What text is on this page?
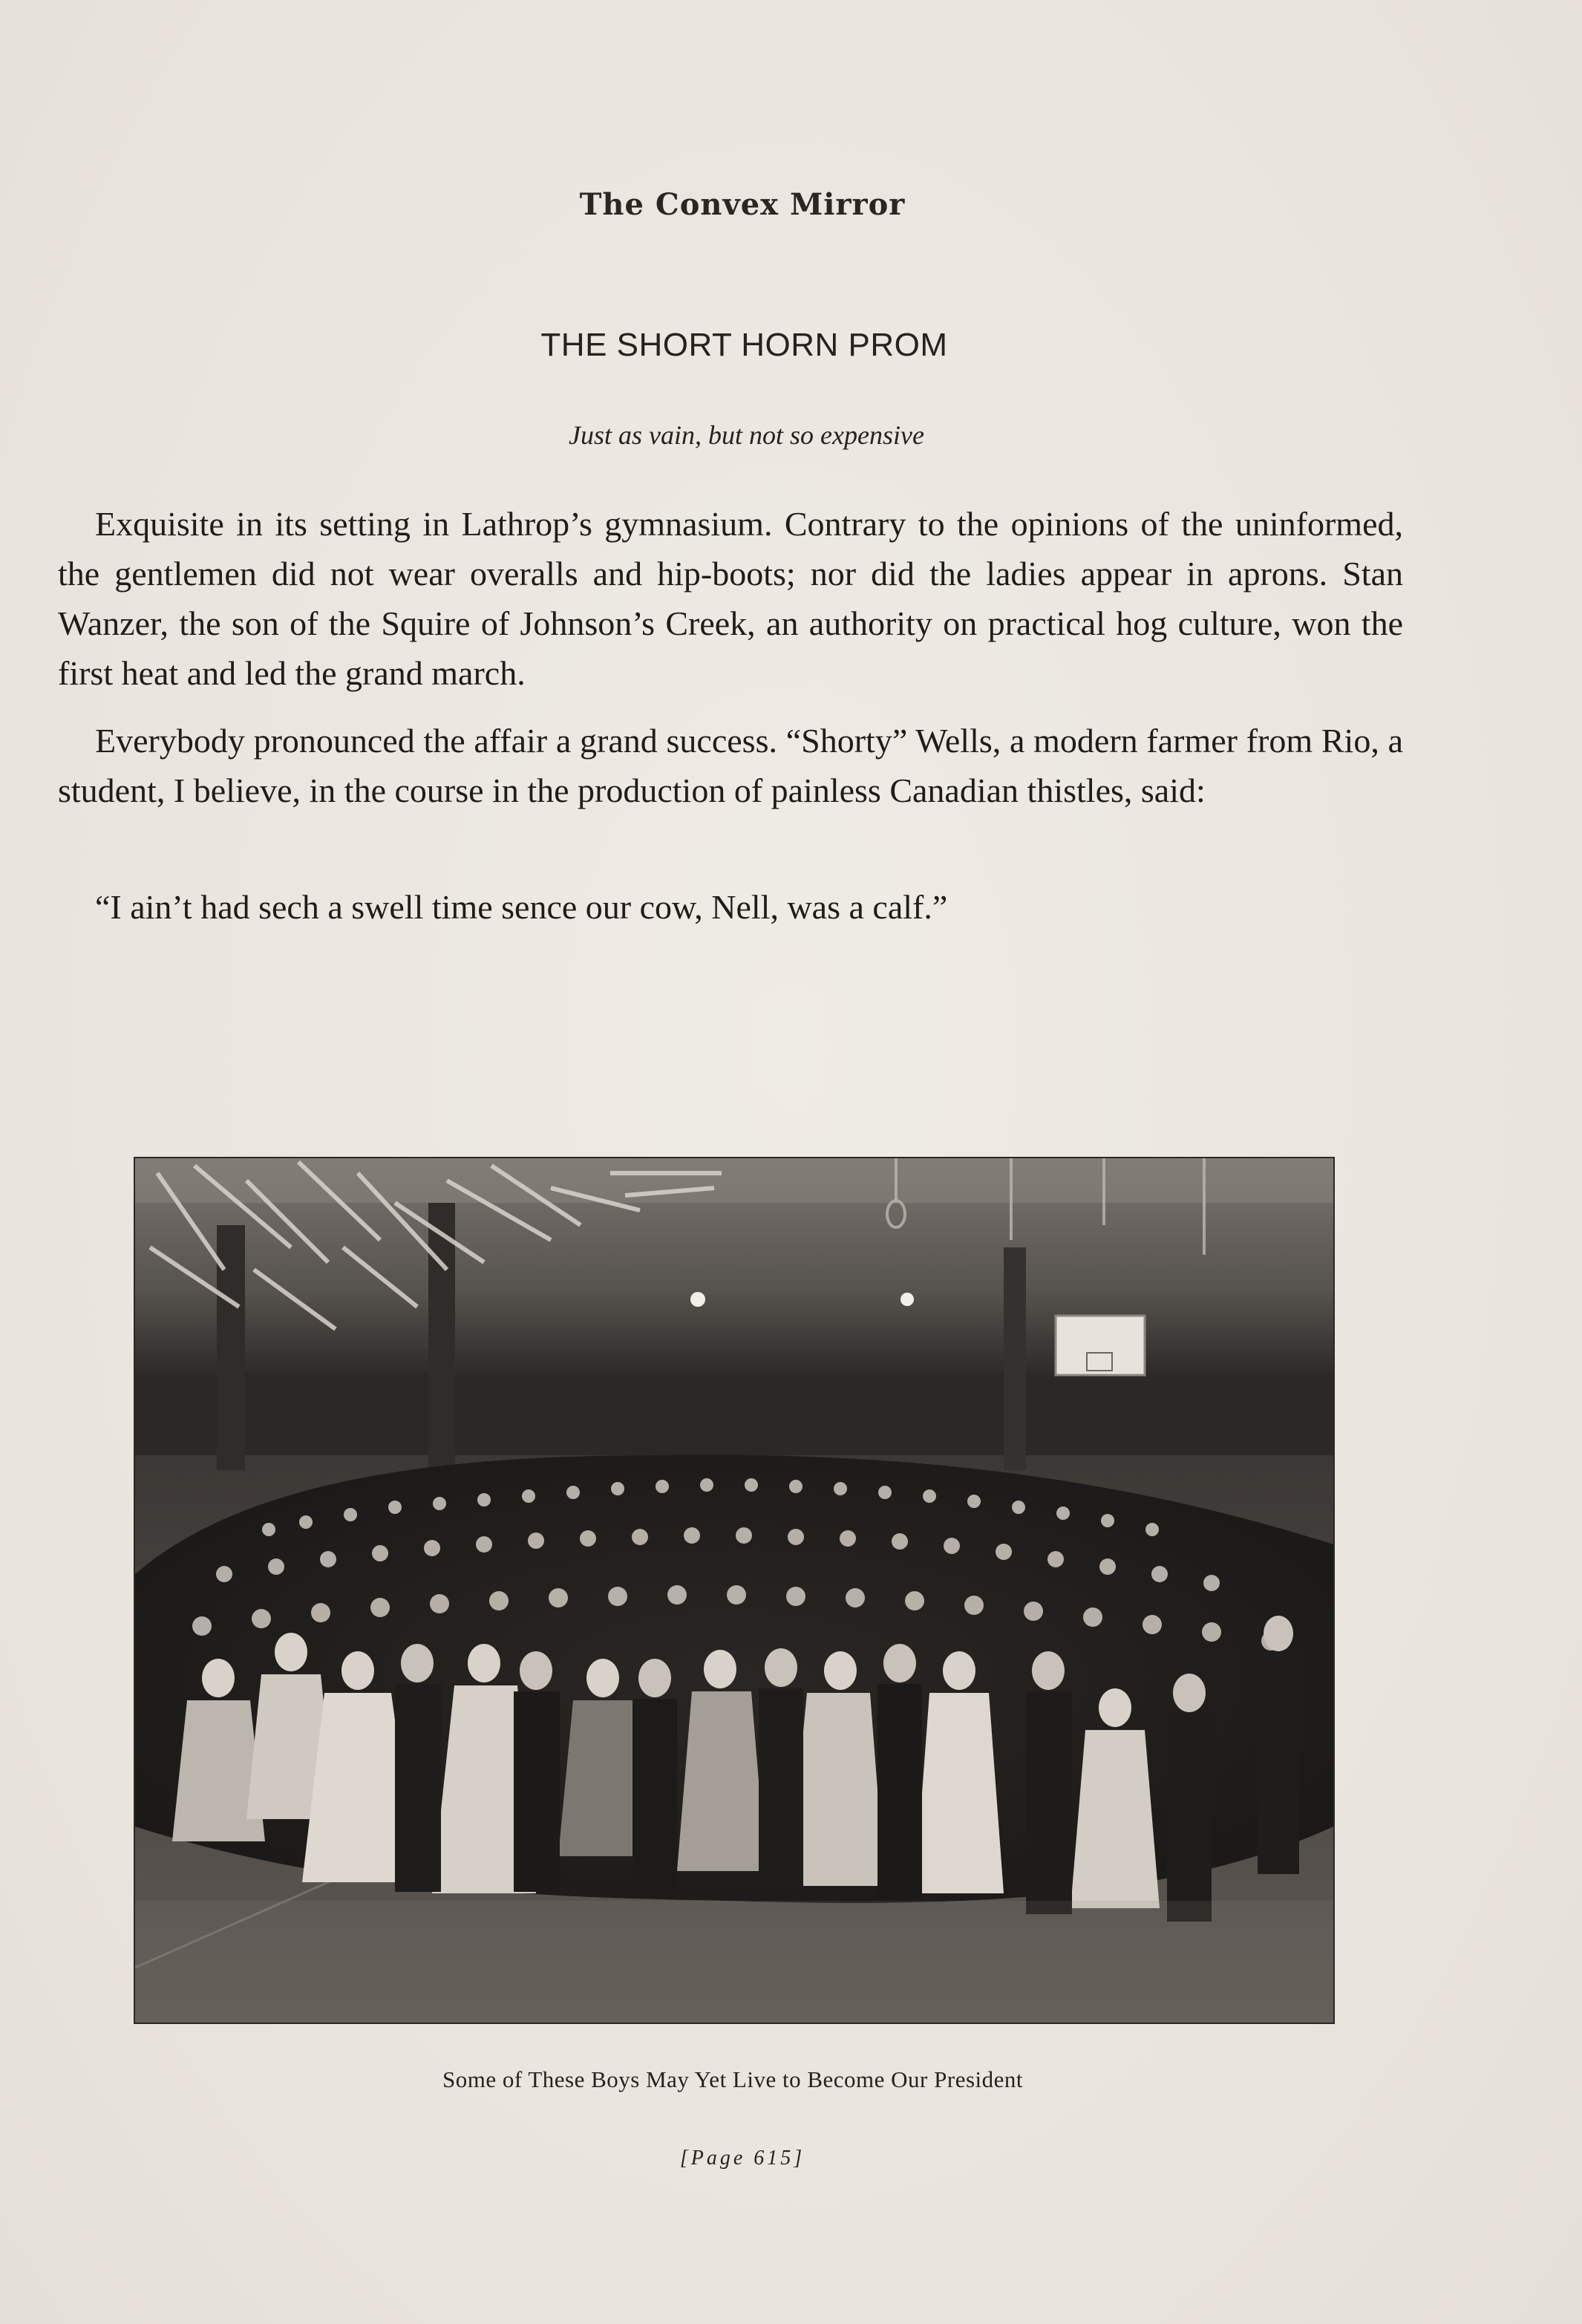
The Convex Mirror
THE SHORT HORN PROM
Just as vain, but not so expensive

Exquisite in its setting in Lathrop’s gymnasium. Contrary to the opinions of the uninformed, the gentlemen did not wear overalls and hip-boots; nor did the ladies appear in aprons. Stan Wanzer, the son of the Squire of Johnson’s Creek, an authority on practical hog culture, won the first heat and led the grand march.

Everybody pronounced the affair a grand success. “Shorty” Wells, a modern farmer from Rio, a student, I believe, in the course in the production of painless Canadian thistles, said:

“I ain’t had sech a swell time sence our cow, Nell, was a calf.”

Some of These Boys May Yet Live to Become Our President
[Page 615]
